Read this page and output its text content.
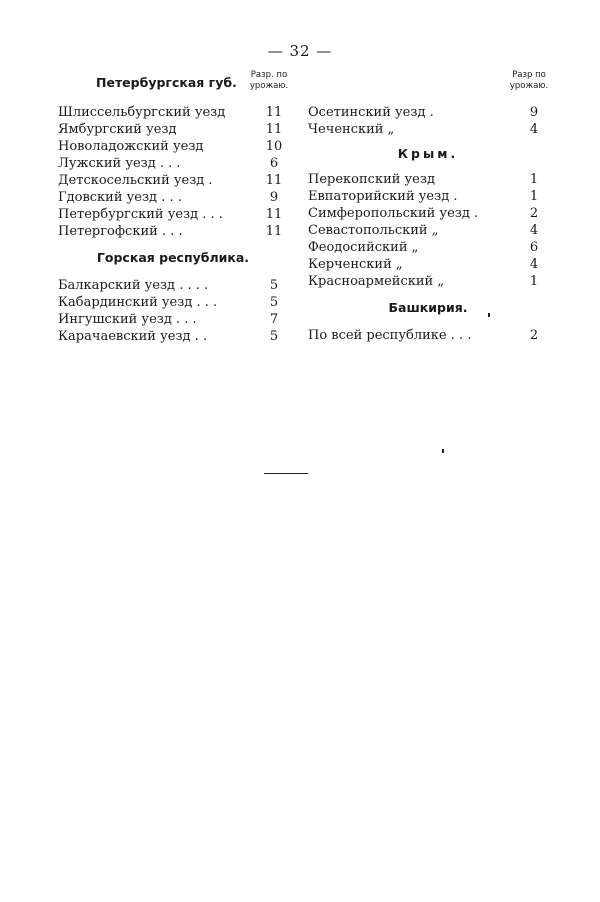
— 32 —
Петербургская губ.	Разр. по урожаю.
Шлиссельбургский уезд	11
Ямбургский уезд	11
Новоладожский уезд	10
Лужский уезд . . .	6
Детскосельский уезд .	11
Гдовский уезд . . .	9
Петербургский уезд . . .	11
Петергофский . . .	11
Горская республика.
Балкарский уезд . . . .	5
Кабардинский уезд . . .	5
Ингушский уезд . . .	7
Карачаевский уезд . .	5
Разр по урожаю.
Осетинский уезд .	9
Чеченский „	4
Крым.
Перекопский уезд	1
Евпаторийский уезд .	1
Симферопольский уезд .	2
Севастопольский „	4
Феодосийский „	6
Керченский „	4
Красноармейский „	1
Башкирия.
По всей республике . . .	2
